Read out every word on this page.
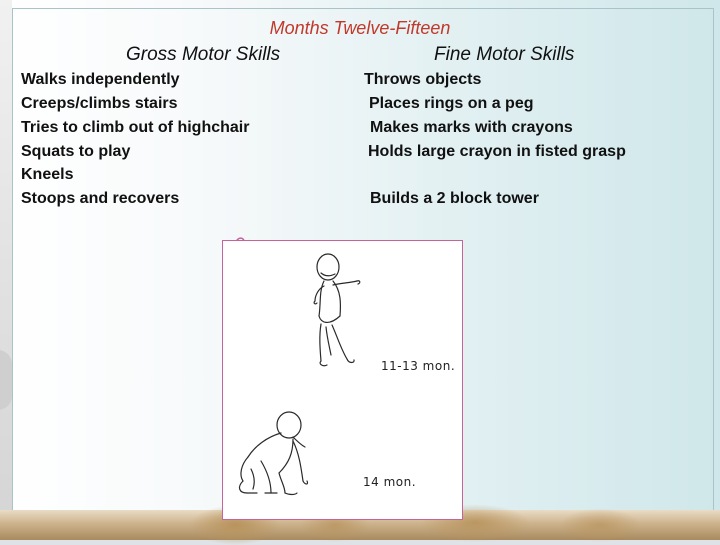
Months Twelve-Fifteen
Gross Motor Skills	Fine Motor Skills

Walks independently

Creeps/climbs stairs

Tries to climb out of highchair

Squats to play

Kneels

Stoops and recovers

Throws objects

Places rings on a peg

Makes marks with crayons

Holds large crayon in fisted grasp

Builds a 2 block tower

11-13 mon.
14 mon.
